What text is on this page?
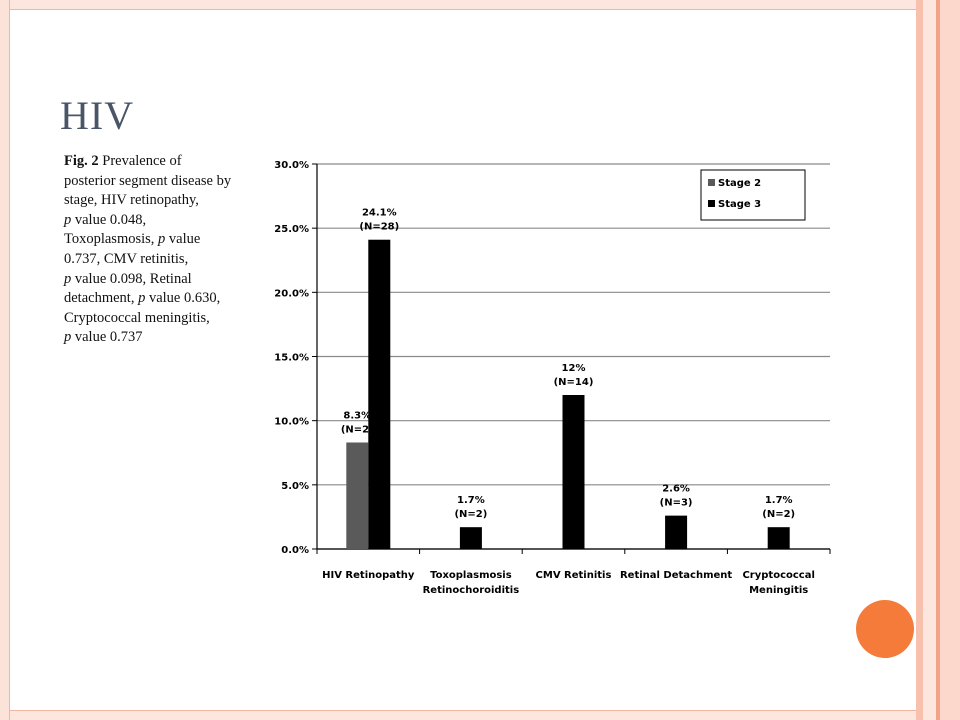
HIV
Fig. 2 Prevalence of
posterior segment disease by
stage, HIV retinopathy,
p value 0.048,
Toxoplasmosis, p value
0.737, CMV retinitis,
p value 0.098, Retinal
detachment, p value 0.630,
Cryptococcal meningitis,
p value 0.737
0.0%
5.0%
10.0%
15.0%
20.0%
25.0%
30.0%
HIV Retinopathy Toxoplasmosis
Retinochoroiditis
CMV Retinitis Retinal Detachment Cryptococcal
Meningitis
8.3%
(N=2)
24.1%
(N=28)
1.7%
(N=2)
12%
(N=14)
2.6%
(N=3)	1.7%
(N=2)
Stage 2
Stage 3
